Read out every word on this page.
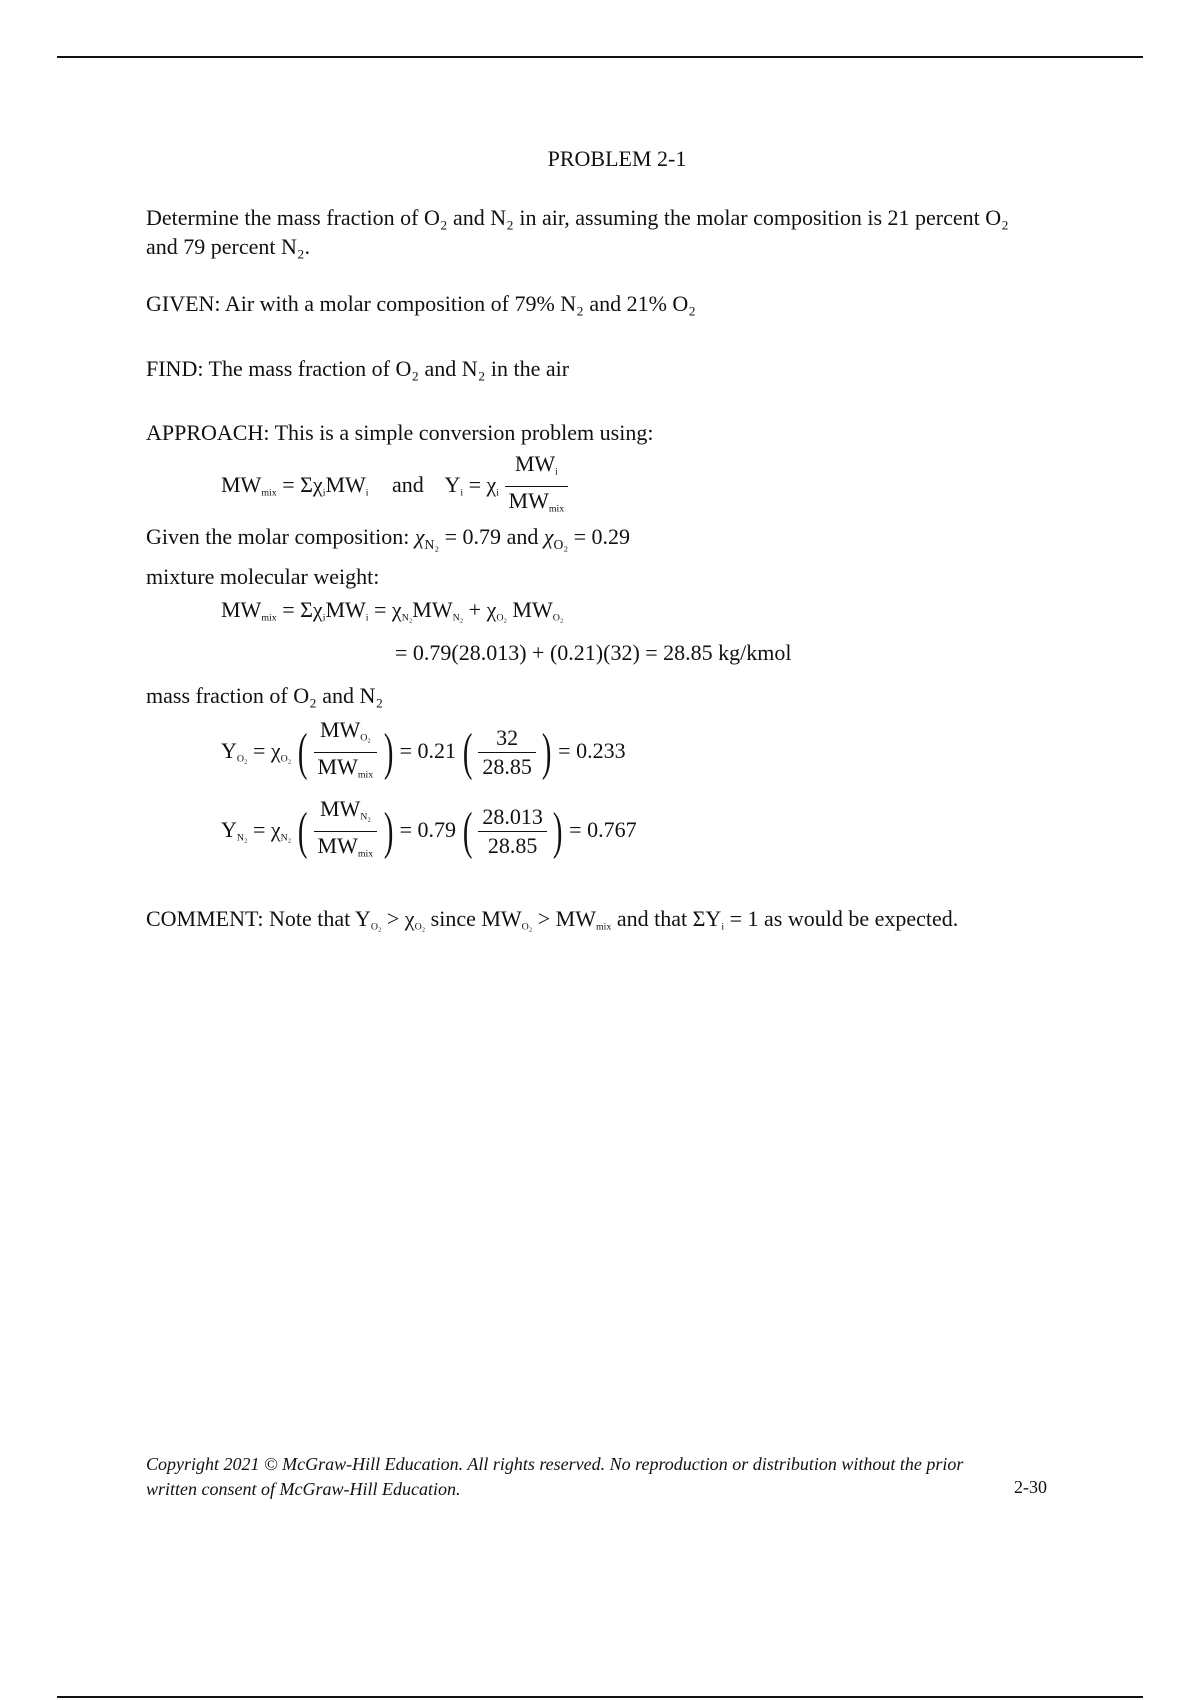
PROBLEM 2-1
Determine the mass fraction of O₂ and N₂ in air, assuming the molar composition is 21 percent O₂
and 79 percent N₂.
GIVEN: Air with a molar composition of 79% N₂ and 21% O₂
FIND: The mass fraction of O₂ and N₂ in the air
APPROACH: This is a simple conversion problem using:
MWmix = ΣχiMWi and Yi = χi $\frac{\text{MWi}}{\text{MWmix}}$
Given the molar composition: $\chi_{N_2} = 0.79$ and $\chi_{O_2} = 0.29$
mixture molecular weight:
MWmix = ΣχiMWi = χN₂MWN₂ + χO₂ MWO₂
= 0.79(28.013) + (0.21)(32) = 28.85 kg/kmol
mass fraction of O₂ and N₂
YO₂ = χO₂ ( $\frac{\text{MWO₂}}{\text{MWmix}}$ ) = 0.21 ( $\frac{32}{28.85}$ ) = 0.233
YN₂ = χN₂ ( $\frac{\text{MWN₂}}{\text{MWmix}}$ ) = 0.79 ( $\frac{28.013}{28.85}$ ) = 0.767
COMMENT: Note that YO₂ > χO₂ since MWO₂ > MWmix and that ΣYi = 1 as would be expected.
Copyright 2021 © McGraw-Hill Education. All rights reserved. No reproduction or distribution without the prior
written consent of McGraw-Hill Education.	2-30
